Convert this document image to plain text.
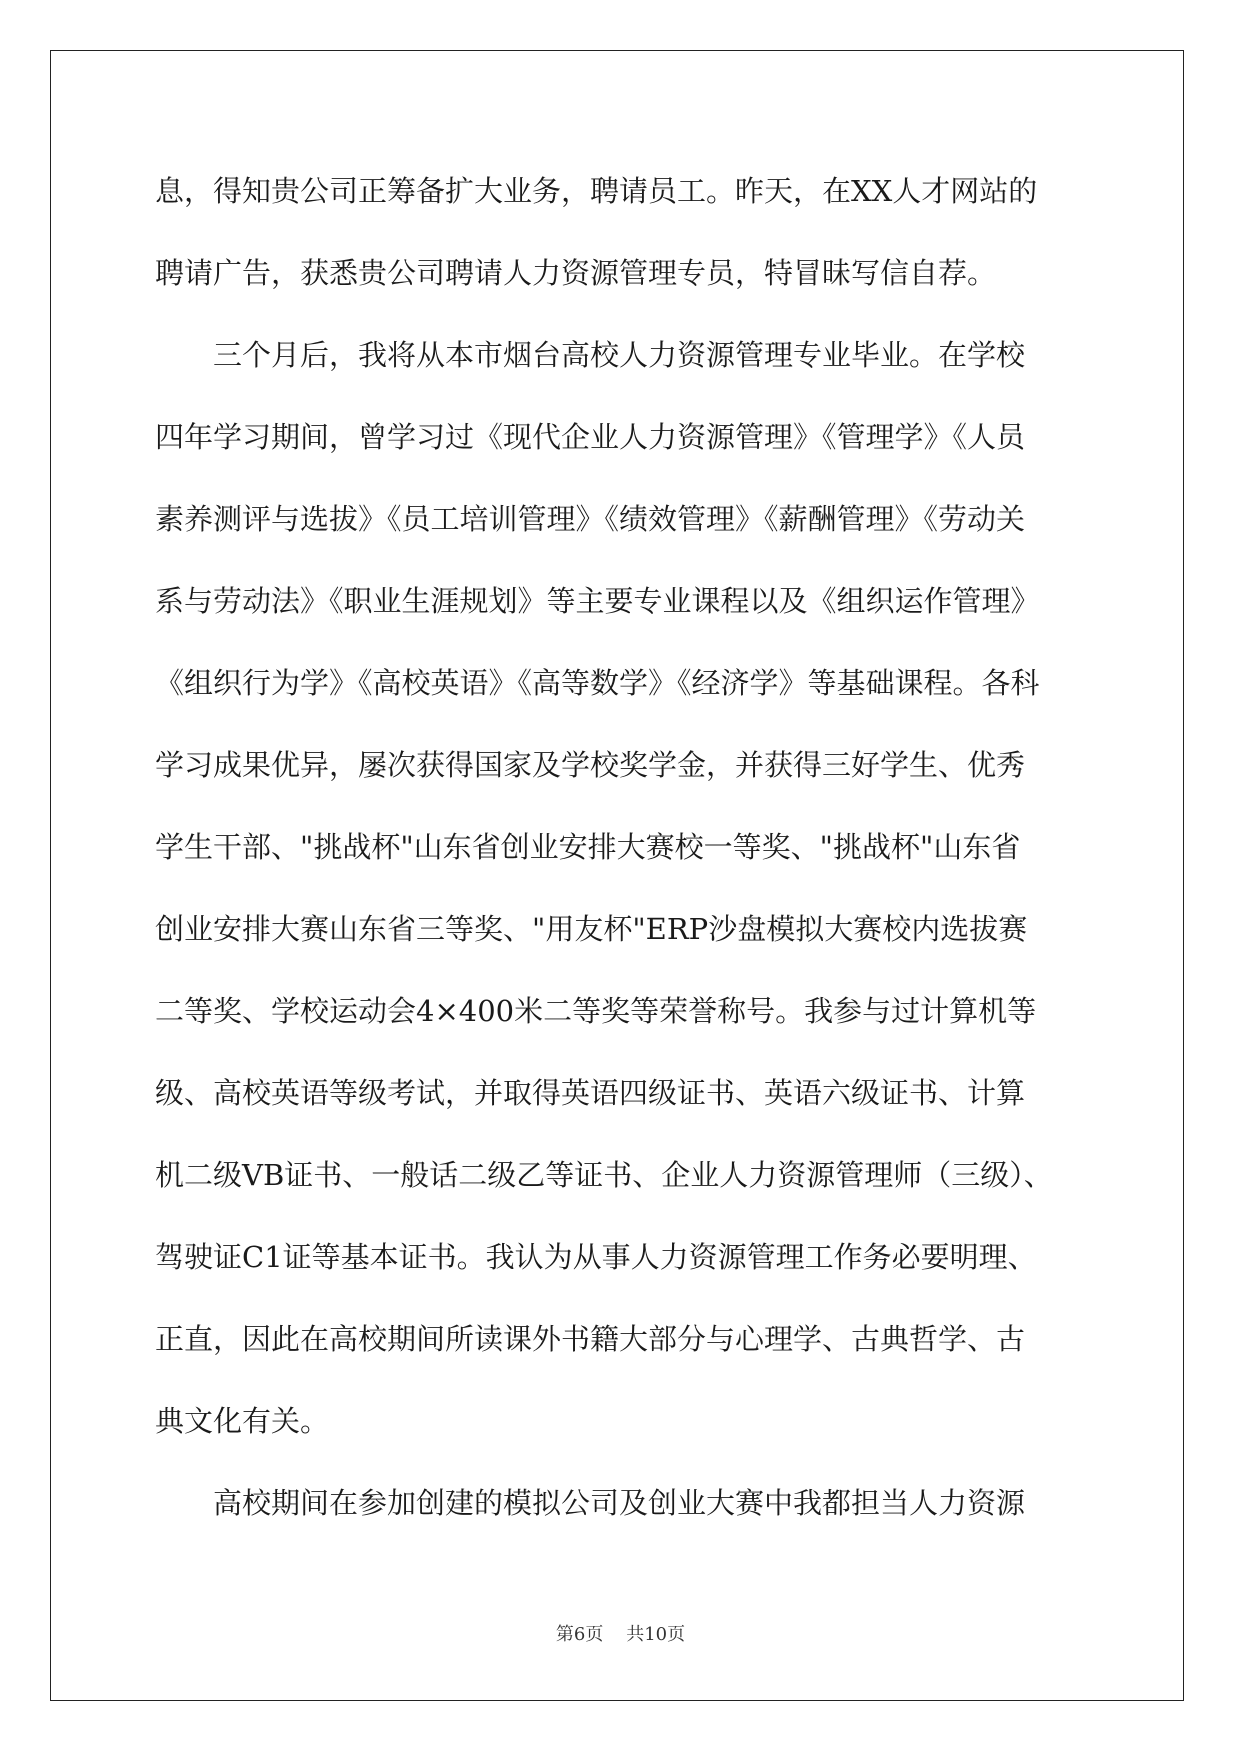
息，得知贵公司正筹备扩大业务，聘请员工。昨天，在XX人才网站的
聘请广告，获悉贵公司聘请人力资源管理专员，特冒昧写信自荐。
三个月后，我将从本市烟台高校人力资源管理专业毕业。在学校
四年学习期间，曾学习过《现代企业人力资源管理》《管理学》《人员
素养测评与选拔》《员工培训管理》《绩效管理》《薪酬管理》《劳动关
系与劳动法》《职业生涯规划》等主要专业课程以及《组织运作管理》
《组织行为学》《高校英语》《高等数学》《经济学》等基础课程。各科
学习成果优异，屡次获得国家及学校奖学金，并获得三好学生、优秀
学生干部、"挑战杯"山东省创业安排大赛校一等奖、"挑战杯"山东省
创业安排大赛山东省三等奖、"用友杯"ERP沙盘模拟大赛校内选拔赛
二等奖、学校运动会4×400米二等奖等荣誉称号。我参与过计算机等
级、高校英语等级考试，并取得英语四级证书、英语六级证书、计算
机二级VB证书、一般话二级乙等证书、企业人力资源管理师（三级）、
驾驶证C1证等基本证书。我认为从事人力资源管理工作务必要明理、
正直，因此在高校期间所读课外书籍大部分与心理学、古典哲学、古
典文化有关。
高校期间在参加创建的模拟公司及创业大赛中我都担当人力资源
第6页    共10页
